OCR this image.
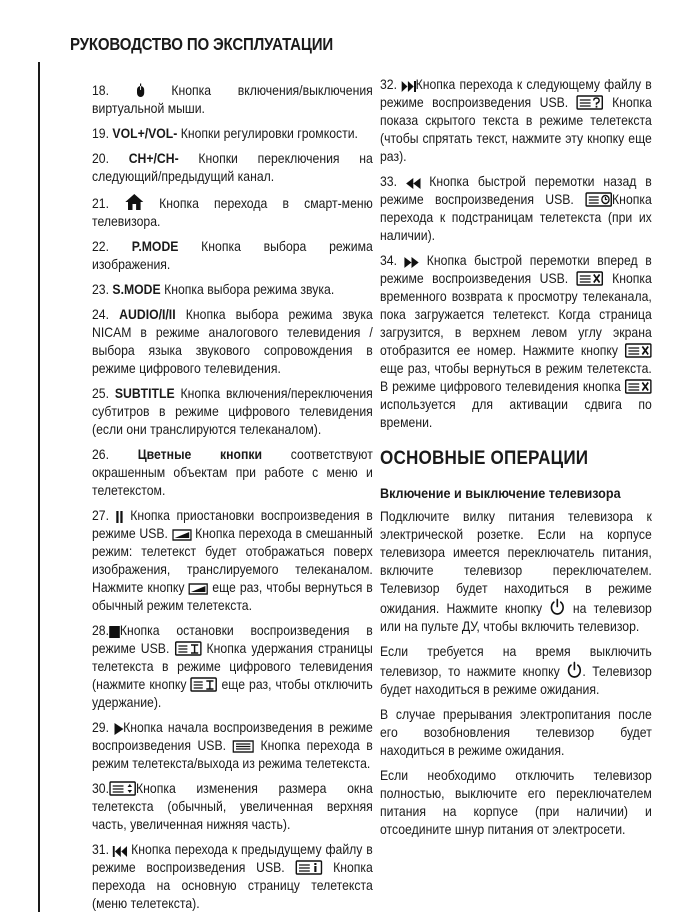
РУКОВОДСТВО ПО ЭКСПЛУАТАЦИИ
18.	Кнопка включения/выключения виртуальной мыши.
19. VOL+/VOL- Кнопки регулировки громкости.
20. CH+/CH- Кнопки переключения на следующий/предыдущий канал.
21.	Кнопка перехода в смарт-меню телевизора.
22. P.MODE Кнопка выбора режима изображения.
23. S.MODE Кнопка выбора режима звука.
24. AUDIO/I/II Кнопка выбора режима звука NICAM в режиме аналогового телевидения / выбора языка звукового сопровождения в режиме цифрового телевидения.
25. SUBTITLE Кнопка включения/переключения субтитров в режиме цифрового телевидения (если они транслируются телеканалом).
26. Цветные кнопки соответствуют окрашенным объектам при работе с меню и телетекстом.
27.
Кнопка приостановки воспроизведения в режиме USB.
Кнопка перехода в смешанный режим: телетекст будет отображаться поверх изображения, транслируемого телеканалом. Нажмите кнопку
еще раз, чтобы вернуться в обычный режим телетекста.
28. Кнопка остановки воспроизведения в режиме USB.
Кнопка удержания страницы телетекста в режиме цифрового телевидения (нажмите кнопку
еще раз, чтобы отключить удержание).
29. Кнопка начала воспроизведения в режиме воспроизведения USB.
Кнопка перехода в режим телетекста/выхода из режима телетекста.
30. Кнопка изменения размера окна телетекста (обычный, увеличенная верхняя часть, увеличенная нижняя часть).
31.
Кнопка перехода к предыдущему файлу в режиме воспроизведения USB.	Кнопка перехода на основную страницу телетекста (меню телетекста).
32. Кнопка перехода к следующему файлу в режиме воспроизведения USB.	Кнопка показа скрытого текста в режиме телетекста (чтобы спрятать текст, нажмите эту кнопку еще раз).
33.
Кнопка быстрой перемотки назад в режиме воспроизведения USB.	Кнопка перехода к подстраницам телетекста (при их наличии).
34.
Кнопка быстрой перемотки вперед в режиме воспроизведения USB.	Кнопка временного возврата к просмотру телеканала, пока загружается телетекст. Когда страница загрузится, в верхнем левом углу экрана отобразится ее номер. Нажмите кнопку
еще раз, чтобы вернуться в режим телетекста. В режиме цифрового телевидения кнопка
используется для активации сдвига по времени.
ОСНОВНЫЕ ОПЕРАЦИИ
Включение и выключение телевизора
Подключите вилку питания телевизора к электрической розетке. Если на корпусе телевизора имеется переключатель питания, включите телевизор переключателем. Телевизор будет находиться в режиме ожидания. Нажмите кнопку
на телевизор или на пульте ДУ, чтобы включить телевизор.
Если требуется на время выключить телевизор, то нажмите кнопку . Телевизор будет находиться в режиме ожидания.
В случае прерывания электропитания после его возобновления телевизор будет находиться в режиме ожидания.
Если необходимо отключить телевизор полностью, выключите его переключателем питания на корпусе (при наличии) и отсоедините шнур питания от электросети.
